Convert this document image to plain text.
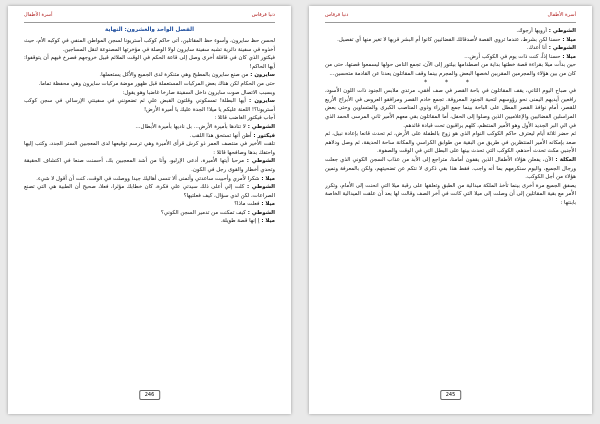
دنيا قرقاس
أسرة الأطفال
الفصل الواحد والعشرون: النهاية

لحسن حظ سايرون، وأسوء حظ المقاتلين، أتى حاكم كوكب أستريونا لسجن المواطن المنفي في كوكبه الأم، حيث أخذوه في سفينة دائرية تشبه سفينة سايرون لولا الوصلة في مؤخرتها المصنوعة لنقل المساجين.

فيكتور الذي كان في قافلة أخرى وصل إلى قاعة الحكم في الوقت الملائم قبيل خروجهم فصرخ فيهم أن يتوقفوا: أيها الحاكم!

سايرون : من صنع سايرون بالمطبخ وهي متنكرة لدى الجميع والأكل يستعملها.

حتى من الحكام لكن هناك بعض المركبات المستعملة قبل ظهور موضة مركبات سايرون وهي محفظة تماما.

وبسبب الاتصال صوت سايرون داخل السفينة صارخا غاضبا وهو يقول:

سايرون : أيها البطلة! تمسكوني وقلتون القبض علي ثم تضعونني في سفينتي الإرسالي في سجن كوكب أستريونا؟! اللعنة عليكم يا ميلا! الجدة عليك يا أميرة الأرض!

أجاب فيكتور الغاضب قائلا :

الشوطي : لا تنادها بأميرة الأرض... بل ناديها بأميرة الأبطال...

فيكتور : أظن أنها تستحق هذا اللقب.

تلقت الأخير في منتصف العمر ذو كرش قرأى الأميرة وهي ترسم توقيعها لدى المعجبين الستر الجدد، وكتب إليها واحتفك بدها وصافحها قائلا :

الشوطي : مرحبا أيتها الأميرة، أدعى الإرليو، وأنا من أشد المعجبين بك، أحسنت صنعا في اكتشاف الحقيقة وتحدي أخطار والقوى رجل في الكون.

ميلا : شكرا لأمري وأحبيت ساعدتي وأتمنى ألا تنسى أهاليك جيدا ووصلت في الوقت، كنت أن أقول لا شيء.

الشوطي : كلت إلي أعلى ذلك سيدتي علي فكرة، كان خطابك مؤثرا، فعلا، صحيح أن الطبية هي التي تصنع الصراعات، لكن لدي سؤال، كيف فعلتيها؟

ميلا : فعلت ماذا؟

الشوطي : كيف تمكنت من تدمير السجن الكوني؟

ميلا : إ إنها قصة طويلة.

246
أسرة الأطفال
دنيا قرقاس

الشوطي : أرويها أرجوك.

ميلا : حسنا لكن بشرط، عندما تروي القصة لأصدقائك الفضائيين كانوا أم البشر قربها لا تغير منها أي تفصيل.

الشوطي : أنا أعدك.

ميلا : حسنا إذاً، كنت ذات يوم في الكوكب أرض...

حين بدأت ميلا بقراءة قصة خطتها بداية من اصطدامها بيلتور إلى الآن، تجمع الناس حولها ليسمعوا قصتها، حتى من كان من بين هؤلاء والمجرمين المقربين لخصها البعض والمجرم بينما وقف المقاتلون يعدنا عن القادمة متحسين...

* * *

في صباح اليوم الثاني، يقف المقاتلون في باحة القصر في صف أفقي، مرتدي ملابس الجنود ذات اللون الأسود، رافعين أيديهم اليمنى نحو رؤوسهم لتحية الجنود المعروفة. تجمع خادم القصر ومرافقو العروس في الأبراج الأربع للقصر، أمام نوافذ القصر المطل على الباحة بينما جمع الوزراء وذوي المناصب الكبرى والمتساوين وحتى بعض المراسلين الفضائيين والإعلاميين الذين وصلوا إلى الحفل، أما المقاتلون بقي معهم الأمير ثاني المرسى الحمد الذي في الي البر الجديد الأول وهو الأمير المنتظم، كلهم يراقبون تحت قيادة قائدهم.

ثم حضر ثلاثة أيام ليعترف حاكم الكوكب النوام الذي هو زوج بالطفلة على الأرض، ثم تحدث قانعا بإعادة نبيل، ثم صعد بإمكانه الأمير المنتظرين في طريق من البقية من طوابق الكراسي والمكانة ساحة الحديقة، ثم وصل ودلاهم الأجنبي مكث تحدث أحدهم، الكوكب التي تحدث بينها على البطل التي في الوقت والصفوة.

المكلة : الآن، يفعلن هؤلاء الأطفال الذين يقفون أمامنا، متراجع إلى الأبد من عذاب السجن الكوني الذي جعلت ورجال الجميع، واليوم سنكرمهم بما أنه واجب. فقط هذا بقي ذكرى لا نتكم عن تضحيتهم، ولكن بالمعرفة ونمين هؤلاء من أجل الكوكب.

يصفق الجميع مرة أخرى بينما تأخذ الملكة ميدالية من الطبق وتعلقها على رقبة ميلا التي انحنت إلى الأمام، وتكرر الأمر مع بقية المقاتلين إلى أن وصلت إلى ميلا التي كانت في آخر الصف وقالت لها بعد أن علقت الميدالية الخاصة بابنتها :

245
